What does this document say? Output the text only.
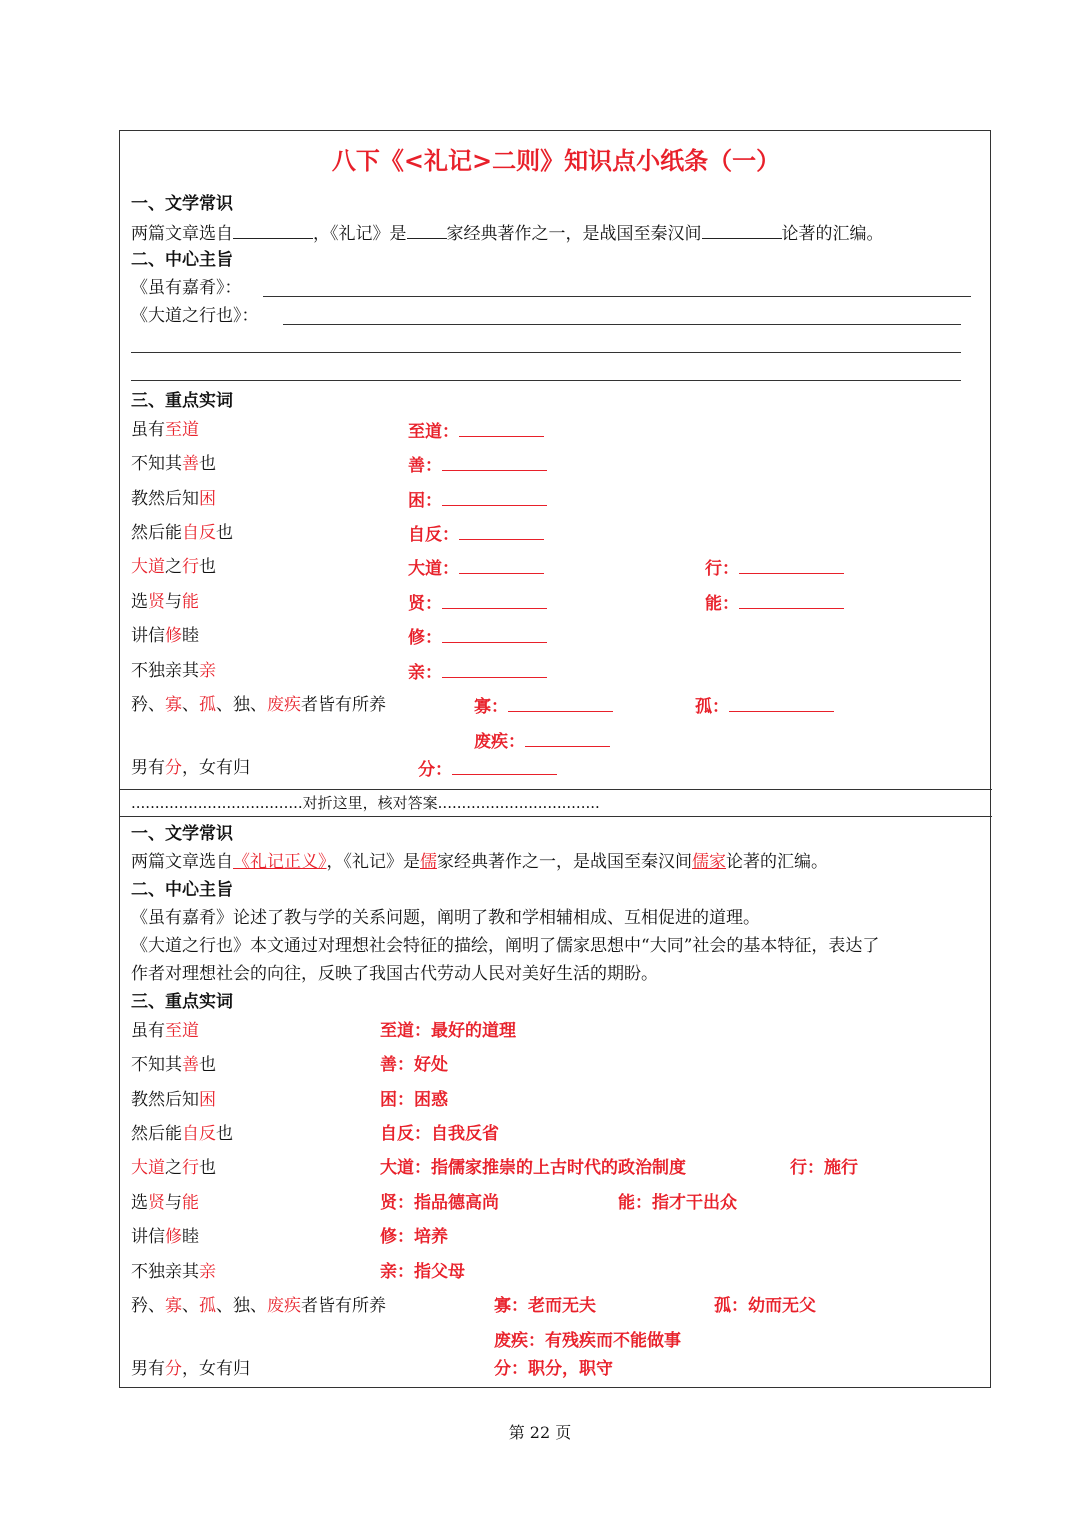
八下《<礼记>二则》知识点小纸条（一）
一、文学常识
两篇文章选自	，《礼记》是 家经典著作之一，是战国至秦汉间	论著的汇编。
二、中心主旨
《虽有嘉肴》：
《大道之行也》：
三、重点实词
虽有至道	至道：
不知其善也	善：
教然后知困	困：
然后能自反也	自反：
大道之行也	大道：	行：
选贤与能	贤：	能：
讲信修睦	修：
不独亲其亲	亲：
矜、寡、孤、独、废疾者皆有所养	寡：	孤：
废疾：
男有分，女有归	分：
....................................对折这里，核对答案..................................
一、文学常识
两篇文章选自《礼记正义》，《礼记》是儒家经典著作之一，是战国至秦汉间儒家论著的汇编。
二、中心主旨
《虽有嘉肴》论述了教与学的关系问题，阐明了教和学相辅相成、互相促进的道理。
《大道之行也》本文通过对理想社会特征的描绘，阐明了儒家思想中“大同”社会的基本特征，表达了
作者对理想社会的向往，反映了我国古代劳动人民对美好生活的期盼。
三、重点实词
虽有至道	至道：最好的道理
不知其善也	善：好处
教然后知困	困：困惑
然后能自反也	自反：自我反省
大道之行也	大道：指儒家推崇的上古时代的政治制度	行：施行
选贤与能	贤：指品德高尚	能：指才干出众
讲信修睦	修：培养
不独亲其亲	亲：指父母
矜、寡、孤、独、废疾者皆有所养	寡：老而无夫	孤：幼而无父
废疾：有残疾而不能做事
男有分，女有归	分：职分，职守
第 22 页
